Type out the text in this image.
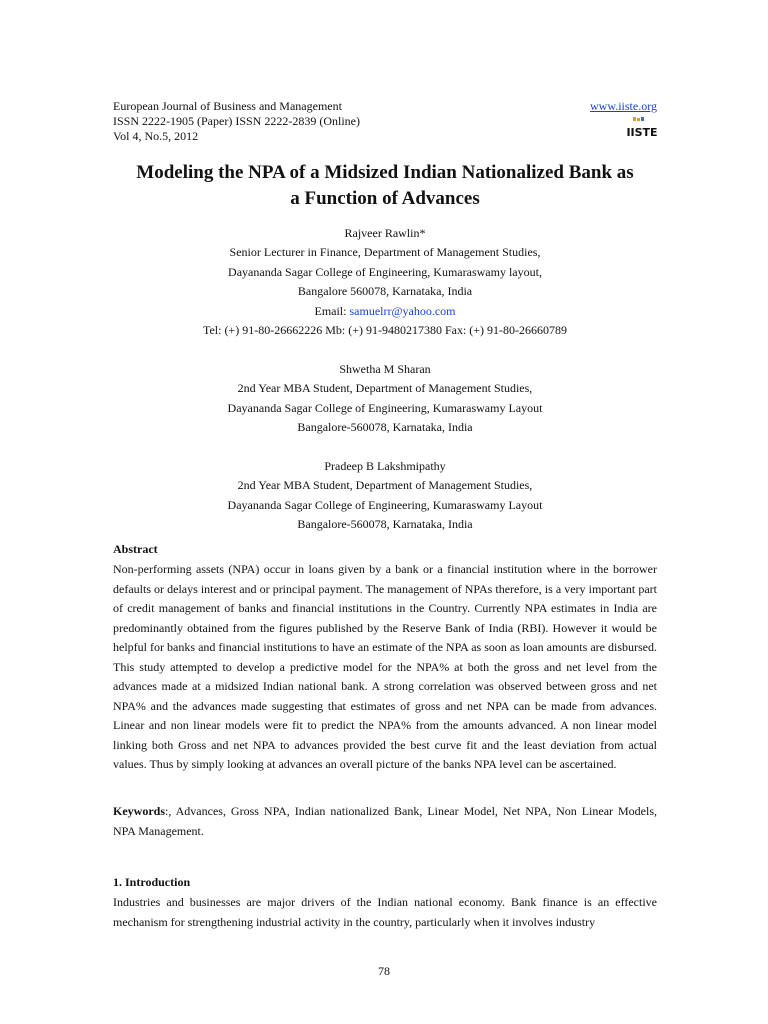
European Journal of Business and Management
ISSN 2222-1905 (Paper) ISSN 2222-2839 (Online)
Vol 4, No.5, 2012
www.iiste.org
IISTE
Modeling the NPA of a Midsized Indian Nationalized Bank as
a Function of Advances
Rajveer Rawlin*
Senior Lecturer in Finance, Department of Management Studies,
Dayananda Sagar College of Engineering, Kumaraswamy layout,
Bangalore 560078, Karnataka, India
Email: samuelrr@yahoo.com
Tel: (+) 91-80-26662226 Mb: (+) 91-9480217380 Fax: (+) 91-80-26660789
Shwetha M Sharan
2nd Year MBA Student, Department of Management Studies,
Dayananda Sagar College of Engineering, Kumaraswamy Layout
Bangalore-560078, Karnataka, India
Pradeep B Lakshmipathy
2nd Year MBA Student, Department of Management Studies,
Dayananda Sagar College of Engineering, Kumaraswamy Layout
Bangalore-560078, Karnataka, India
Abstract
Non-performing assets (NPA) occur in loans given by a bank or a financial institution where in the borrower defaults or delays interest and or principal payment. The management of NPAs therefore, is a very important part of credit management of banks and financial institutions in the Country. Currently NPA estimates in India are predominantly obtained from the figures published by the Reserve Bank of India (RBI). However it would be helpful for banks and financial institutions to have an estimate of the NPA as soon as loan amounts are disbursed. This study attempted to develop a predictive model for the NPA% at both the gross and net level from the advances made at a midsized Indian national bank. A strong correlation was observed between gross and net NPA% and the advances made suggesting that estimates of gross and net NPA can be made from advances. Linear and non linear models were fit to predict the NPA% from the amounts advanced. A non linear model linking both Gross and net NPA to advances provided the best curve fit and the least deviation from actual values. Thus by simply looking at advances an overall picture of the banks NPA level can be ascertained.
Keywords:, Advances, Gross NPA, Indian nationalized Bank, Linear Model, Net NPA, Non Linear Models, NPA Management.
1. Introduction
Industries and businesses are major drivers of the Indian national economy. Bank finance is an effective mechanism for strengthening industrial activity in the country, particularly when it involves industry
78
